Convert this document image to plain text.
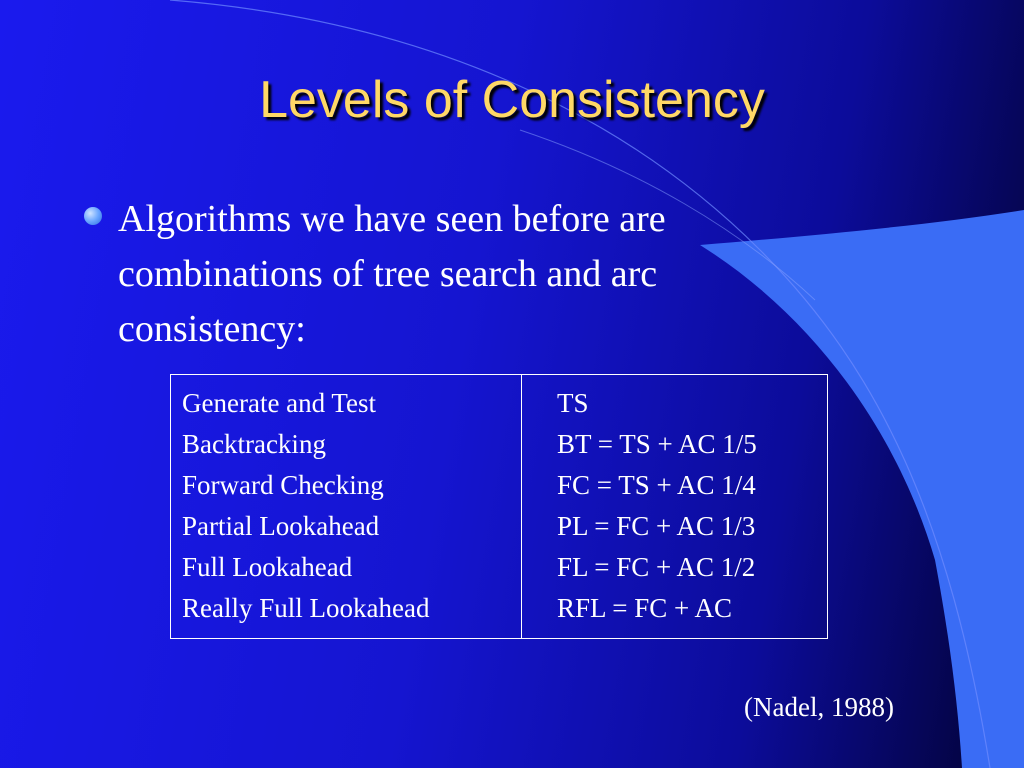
Levels of Consistency
Algorithms we have seen before are combinations of tree search and arc consistency:
Generate and Test
Backtracking
Forward Checking
Partial Lookahead
Full Lookahead
Really Full Lookahead
TS
BT = TS + AC 1/5
FC = TS + AC 1/4
PL = FC + AC 1/3
FL = FC + AC 1/2
RFL = FC + AC
(Nadel, 1988)
